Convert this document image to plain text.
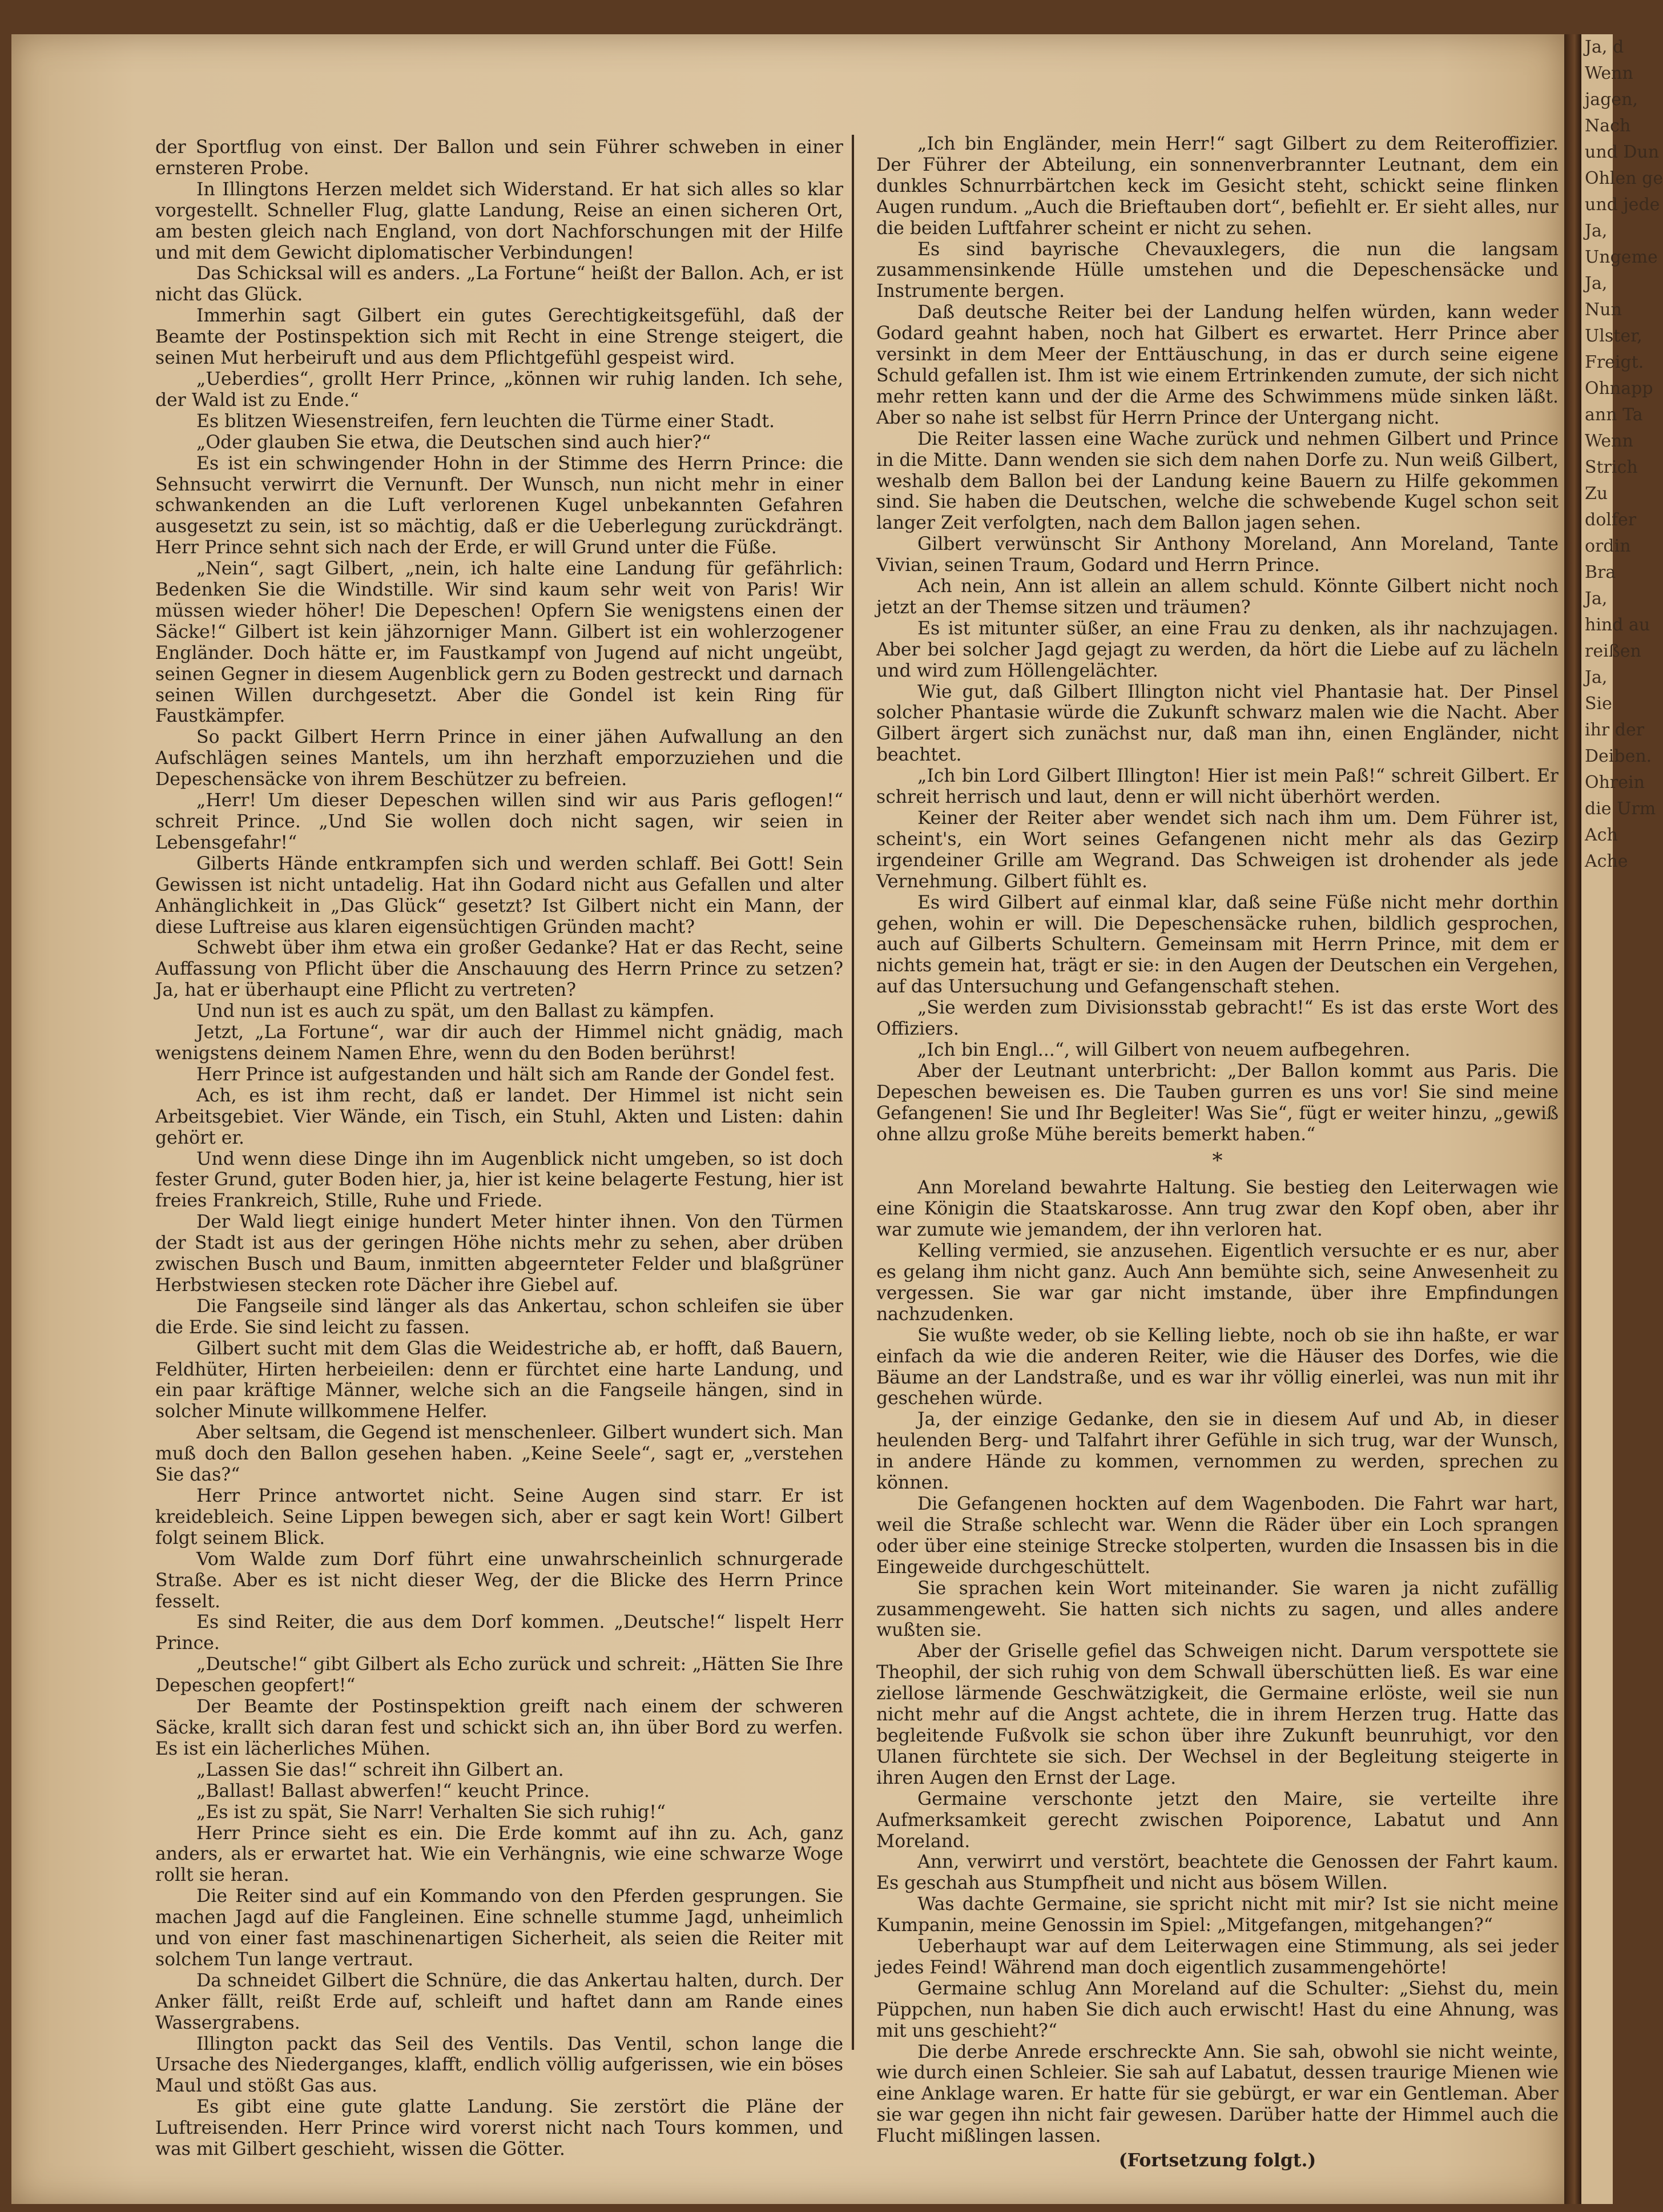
Ja, d
Wenn
jagen,
Nach
und Dun
Ohlen ge
und jede
Ja,
Ungeme
Ja,
Nun
Ulster,
Freigt.
Ohnapp
ann Ta
Wenn
Strich
Zu
dolfer
ordin
Bra
Ja,
hind au
reißen
Ja,
Sie
ihr der
Deiben.
Ohrein
die Urm
Ach
Ache

der Sportflug von einst. Der Ballon und sein Führer schweben in einer ernsteren Probe.

In Illingtons Herzen meldet sich Widerstand. Er hat sich alles so klar vorgestellt. Schneller Flug, glatte Landung, Reise an einen sicheren Ort, am besten gleich nach England, von dort Nachforschungen mit der Hilfe und mit dem Gewicht diplomatischer Verbindungen!

Das Schicksal will es anders. „La Fortune“ heißt der Ballon. Ach, er ist nicht das Glück.

Immerhin sagt Gilbert ein gutes Gerechtigkeitsgefühl, daß der Beamte der Postinspektion sich mit Recht in eine Strenge steigert, die seinen Mut herbeiruft und aus dem Pflichtgefühl gespeist wird.

„Ueberdies“, grollt Herr Prince, „können wir ruhig landen. Ich sehe, der Wald ist zu Ende.“

Es blitzen Wiesenstreifen, fern leuchten die Türme einer Stadt.

„Oder glauben Sie etwa, die Deutschen sind auch hier?“

Es ist ein schwingender Hohn in der Stimme des Herrn Prince: die Sehnsucht verwirrt die Vernunft. Der Wunsch, nun nicht mehr in einer schwankenden an die Luft verlorenen Kugel unbekannten Gefahren ausgesetzt zu sein, ist so mächtig, daß er die Ueberlegung zurückdrängt. Herr Prince sehnt sich nach der Erde, er will Grund unter die Füße.

„Nein“, sagt Gilbert, „nein, ich halte eine Landung für gefährlich: Bedenken Sie die Windstille. Wir sind kaum sehr weit von Paris! Wir müssen wieder höher! Die Depeschen! Opfern Sie wenigstens einen der Säcke!“ Gilbert ist kein jähzorniger Mann. Gilbert ist ein wohlerzogener Engländer. Doch hätte er, im Faustkampf von Jugend auf nicht ungeübt, seinen Gegner in diesem Augenblick gern zu Boden gestreckt und darnach seinen Willen durchgesetzt. Aber die Gondel ist kein Ring für Faustkämpfer.

So packt Gilbert Herrn Prince in einer jähen Aufwallung an den Aufschlägen seines Mantels, um ihn herzhaft emporzuziehen und die Depeschensäcke von ihrem Beschützer zu befreien.

„Herr! Um dieser Depeschen willen sind wir aus Paris geflogen!“ schreit Prince. „Und Sie wollen doch nicht sagen, wir seien in Lebensgefahr!“

Gilberts Hände entkrampfen sich und werden schlaff. Bei Gott! Sein Gewissen ist nicht untadelig. Hat ihn Godard nicht aus Gefallen und alter Anhänglichkeit in „Das Glück“ gesetzt? Ist Gilbert nicht ein Mann, der diese Luftreise aus klaren eigensüchtigen Gründen macht?

Schwebt über ihm etwa ein großer Gedanke? Hat er das Recht, seine Auffassung von Pflicht über die Anschauung des Herrn Prince zu setzen? Ja, hat er überhaupt eine Pflicht zu vertreten?

Und nun ist es auch zu spät, um den Ballast zu kämpfen.

Jetzt, „La Fortune“, war dir auch der Himmel nicht gnädig, mach wenigstens deinem Namen Ehre, wenn du den Boden berührst!

Herr Prince ist aufgestanden und hält sich am Rande der Gondel fest.

Ach, es ist ihm recht, daß er landet. Der Himmel ist nicht sein Arbeitsgebiet. Vier Wände, ein Tisch, ein Stuhl, Akten und Listen: dahin gehört er.

Und wenn diese Dinge ihn im Augenblick nicht umgeben, so ist doch fester Grund, guter Boden hier, ja, hier ist keine belagerte Festung, hier ist freies Frankreich, Stille, Ruhe und Friede.

Der Wald liegt einige hundert Meter hinter ihnen. Von den Türmen der Stadt ist aus der geringen Höhe nichts mehr zu sehen, aber drüben zwischen Busch und Baum, inmitten abgeernteter Felder und blaßgrüner Herbstwiesen stecken rote Dächer ihre Giebel auf.

Die Fangseile sind länger als das Ankertau, schon schleifen sie über die Erde. Sie sind leicht zu fassen.

Gilbert sucht mit dem Glas die Weidestriche ab, er hofft, daß Bauern, Feldhüter, Hirten herbeieilen: denn er fürchtet eine harte Landung, und ein paar kräftige Männer, welche sich an die Fangseile hängen, sind in solcher Minute willkommene Helfer.

Aber seltsam, die Gegend ist menschenleer. Gilbert wundert sich. Man muß doch den Ballon gesehen haben. „Keine Seele“, sagt er, „verstehen Sie das?“

Herr Prince antwortet nicht. Seine Augen sind starr. Er ist kreidebleich. Seine Lippen bewegen sich, aber er sagt kein Wort! Gilbert folgt seinem Blick.

Vom Walde zum Dorf führt eine unwahrscheinlich schnurgerade Straße. Aber es ist nicht dieser Weg, der die Blicke des Herrn Prince fesselt.

Es sind Reiter, die aus dem Dorf kommen. „Deutsche!“ lispelt Herr Prince.

„Deutsche!“ gibt Gilbert als Echo zurück und schreit: „Hätten Sie Ihre Depeschen geopfert!“

Der Beamte der Postinspektion greift nach einem der schweren Säcke, krallt sich daran fest und schickt sich an, ihn über Bord zu werfen. Es ist ein lächerliches Mühen.

„Lassen Sie das!“ schreit ihn Gilbert an.

„Ballast! Ballast abwerfen!“ keucht Prince.

„Es ist zu spät, Sie Narr! Verhalten Sie sich ruhig!“

Herr Prince sieht es ein. Die Erde kommt auf ihn zu. Ach, ganz anders, als er erwartet hat. Wie ein Verhängnis, wie eine schwarze Woge rollt sie heran.

Die Reiter sind auf ein Kommando von den Pferden gesprungen. Sie machen Jagd auf die Fangleinen. Eine schnelle stumme Jagd, unheimlich und von einer fast maschinenartigen Sicherheit, als seien die Reiter mit solchem Tun lange vertraut.

Da schneidet Gilbert die Schnüre, die das Ankertau halten, durch. Der Anker fällt, reißt Erde auf, schleift und haftet dann am Rande eines Wassergrabens.

Illington packt das Seil des Ventils. Das Ventil, schon lange die Ursache des Niederganges, klafft, endlich völlig aufgerissen, wie ein böses Maul und stößt Gas aus.

Es gibt eine gute glatte Landung. Sie zerstört die Pläne der Luftreisenden. Herr Prince wird vorerst nicht nach Tours kommen, und was mit Gilbert geschieht, wissen die Götter.

„Ich bin Engländer, mein Herr!“ sagt Gilbert zu dem Reiteroffizier. Der Führer der Abteilung, ein sonnenverbrannter Leutnant, dem ein dunkles Schnurrbärtchen keck im Gesicht steht, schickt seine flinken Augen rundum. „Auch die Brieftauben dort“, befiehlt er. Er sieht alles, nur die beiden Luftfahrer scheint er nicht zu sehen.

Es sind bayrische Chevauxlegers, die nun die langsam zusammensinkende Hülle umstehen und die Depeschensäcke und Instrumente bergen.

Daß deutsche Reiter bei der Landung helfen würden, kann weder Godard geahnt haben, noch hat Gilbert es erwartet. Herr Prince aber versinkt in dem Meer der Enttäuschung, in das er durch seine eigene Schuld gefallen ist. Ihm ist wie einem Ertrinkenden zumute, der sich nicht mehr retten kann und der die Arme des Schwimmens müde sinken läßt. Aber so nahe ist selbst für Herrn Prince der Untergang nicht.

Die Reiter lassen eine Wache zurück und nehmen Gilbert und Prince in die Mitte. Dann wenden sie sich dem nahen Dorfe zu. Nun weiß Gilbert, weshalb dem Ballon bei der Landung keine Bauern zu Hilfe gekommen sind. Sie haben die Deutschen, welche die schwebende Kugel schon seit langer Zeit verfolgten, nach dem Ballon jagen sehen.

Gilbert verwünscht Sir Anthony Moreland, Ann Moreland, Tante Vivian, seinen Traum, Godard und Herrn Prince.

Ach nein, Ann ist allein an allem schuld. Könnte Gilbert nicht noch jetzt an der Themse sitzen und träumen?

Es ist mitunter süßer, an eine Frau zu denken, als ihr nachzujagen. Aber bei solcher Jagd gejagt zu werden, da hört die Liebe auf zu lächeln und wird zum Höllengelächter.

Wie gut, daß Gilbert Illington nicht viel Phantasie hat. Der Pinsel solcher Phantasie würde die Zukunft schwarz malen wie die Nacht. Aber Gilbert ärgert sich zunächst nur, daß man ihn, einen Engländer, nicht beachtet.

„Ich bin Lord Gilbert Illington! Hier ist mein Paß!“ schreit Gilbert. Er schreit herrisch und laut, denn er will nicht überhört werden.

Keiner der Reiter aber wendet sich nach ihm um. Dem Führer ist, scheint's, ein Wort seines Gefangenen nicht mehr als das Gezirp irgendeiner Grille am Wegrand. Das Schweigen ist drohender als jede Vernehmung. Gilbert fühlt es.

Es wird Gilbert auf einmal klar, daß seine Füße nicht mehr dorthin gehen, wohin er will. Die Depeschensäcke ruhen, bildlich gesprochen, auch auf Gilberts Schultern. Gemeinsam mit Herrn Prince, mit dem er nichts gemein hat, trägt er sie: in den Augen der Deutschen ein Vergehen, auf das Untersuchung und Gefangenschaft stehen.

„Sie werden zum Divisionsstab gebracht!“ Es ist das erste Wort des Offiziers.

„Ich bin Engl...“, will Gilbert von neuem aufbegehren.

Aber der Leutnant unterbricht: „Der Ballon kommt aus Paris. Die Depeschen beweisen es. Die Tauben gurren es uns vor! Sie sind meine Gefangenen! Sie und Ihr Begleiter! Was Sie“, fügt er weiter hinzu, „gewiß ohne allzu große Mühe bereits bemerkt haben.“

*

Ann Moreland bewahrte Haltung. Sie bestieg den Leiterwagen wie eine Königin die Staatskarosse. Ann trug zwar den Kopf oben, aber ihr war zumute wie jemandem, der ihn verloren hat.

Kelling vermied, sie anzusehen. Eigentlich versuchte er es nur, aber es gelang ihm nicht ganz. Auch Ann bemühte sich, seine Anwesenheit zu vergessen. Sie war gar nicht imstande, über ihre Empfindungen nachzudenken.

Sie wußte weder, ob sie Kelling liebte, noch ob sie ihn haßte, er war einfach da wie die anderen Reiter, wie die Häuser des Dorfes, wie die Bäume an der Landstraße, und es war ihr völlig einerlei, was nun mit ihr geschehen würde.

Ja, der einzige Gedanke, den sie in diesem Auf und Ab, in dieser heulenden Berg- und Talfahrt ihrer Gefühle in sich trug, war der Wunsch, in andere Hände zu kommen, vernommen zu werden, sprechen zu können.

Die Gefangenen hockten auf dem Wagenboden. Die Fahrt war hart, weil die Straße schlecht war. Wenn die Räder über ein Loch sprangen oder über eine steinige Strecke stolperten, wurden die Insassen bis in die Eingeweide durchgeschüttelt.

Sie sprachen kein Wort miteinander. Sie waren ja nicht zufällig zusammengeweht. Sie hatten sich nichts zu sagen, und alles andere wußten sie.

Aber der Griselle gefiel das Schweigen nicht. Darum verspottete sie Theophil, der sich ruhig von dem Schwall überschütten ließ. Es war eine ziellose lärmende Geschwätzigkeit, die Germaine erlöste, weil sie nun nicht mehr auf die Angst achtete, die in ihrem Herzen trug. Hatte das begleitende Fußvolk sie schon über ihre Zukunft beunruhigt, vor den Ulanen fürchtete sie sich. Der Wechsel in der Begleitung steigerte in ihren Augen den Ernst der Lage.

Germaine verschonte jetzt den Maire, sie verteilte ihre Aufmerksamkeit gerecht zwischen Poiporence, Labatut und Ann Moreland.

Ann, verwirrt und verstört, beachtete die Genossen der Fahrt kaum. Es geschah aus Stumpfheit und nicht aus bösem Willen.

Was dachte Germaine, sie spricht nicht mit mir? Ist sie nicht meine Kumpanin, meine Genossin im Spiel: „Mitgefangen, mitgehangen?“

Ueberhaupt war auf dem Leiterwagen eine Stimmung, als sei jeder jedes Feind! Während man doch eigentlich zusammengehörte!

Germaine schlug Ann Moreland auf die Schulter: „Siehst du, mein Püppchen, nun haben Sie dich auch erwischt! Hast du eine Ahnung, was mit uns geschieht?“

Die derbe Anrede erschreckte Ann. Sie sah, obwohl sie nicht weinte, wie durch einen Schleier. Sie sah auf Labatut, dessen traurige Mienen wie eine Anklage waren. Er hatte für sie gebürgt, er war ein Gentleman. Aber sie war gegen ihn nicht fair gewesen. Darüber hatte der Himmel auch die Flucht mißlingen lassen.

(Fortsetzung folgt.)
